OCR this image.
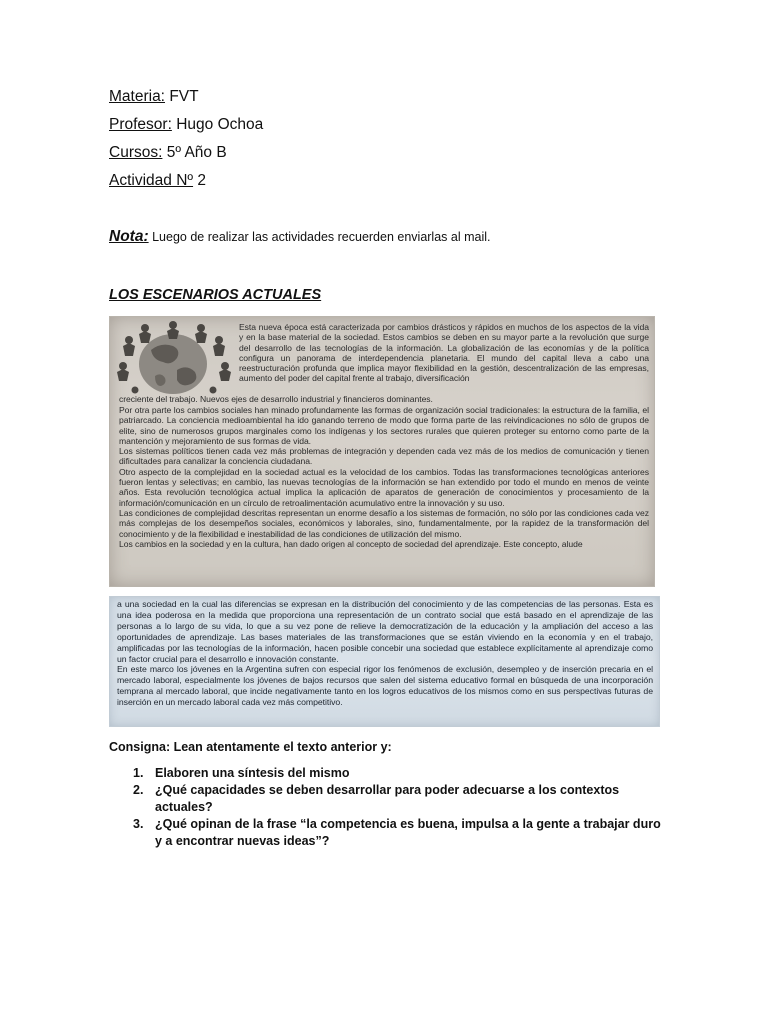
Materia: FVT
Profesor: Hugo Ochoa
Cursos: 5º Año B
Actividad Nº 2
Nota: Luego de realizar las actividades recuerden enviarlas al mail.
LOS ESCENARIOS ACTUALES

Esta nueva época está caracterizada por cambios drásticos y rápidos en muchos de los aspectos de la vida y en la base material de la sociedad. Estos cambios se deben en su mayor parte a la revolución que surge del desarrollo de las tecnologías de la información. La globalización de las economías y de la política configura un panorama de interdependencia planetaria. El mundo del capital lleva a cabo una reestructuración profunda que implica mayor flexibilidad en la gestión, descentralización de las empresas, aumento del poder del capital frente al trabajo, diversificación

creciente del trabajo. Nuevos ejes de desarrollo industrial y financieros dominantes.

Por otra parte los cambios sociales han minado profundamente las formas de organización social tradicionales: la estructura de la familia, el patriarcado. La conciencia medioambiental ha ido ganando terreno de modo que forma parte de las reivindicaciones no sólo de grupos de elite, sino de numerosos grupos marginales como los indígenas y los sectores rurales que quieren proteger su entorno como parte de la mantención y mejoramiento de sus formas de vida.

Los sistemas políticos tienen cada vez más problemas de integración y dependen cada vez más de los medios de comunicación y tienen dificultades para canalizar la conciencia ciudadana.

Otro aspecto de la complejidad en la sociedad actual es la velocidad de los cambios. Todas las transformaciones tecnológicas anteriores fueron lentas y selectivas; en cambio, las nuevas tecnologías de la información se han extendido por todo el mundo en menos de veinte años. Esta revolución tecnológica actual implica la aplicación de aparatos de generación de conocimientos y procesamiento de la información/comunicación en un círculo de retroalimentación acumulativo entre la innovación y su uso.

Las condiciones de complejidad descritas representan un enorme desafío a los sistemas de formación, no sólo por las condiciones cada vez más complejas de los desempeños sociales, económicos y laborales, sino, fundamentalmente, por la rapidez de la transformación del conocimiento y de la flexibilidad e inestabilidad de las condiciones de utilización del mismo.

Los cambios en la sociedad y en la cultura, han dado origen al concepto de sociedad del aprendizaje. Este concepto, alude

a una sociedad en la cual las diferencias se expresan en la distribución del conocimiento y de las competencias de las personas. Esta es una idea poderosa en la medida que proporciona una representación de un contrato social que está basado en el aprendizaje de las personas a lo largo de su vida, lo que a su vez pone de relieve la democratización de la educación y la ampliación del acceso a las oportunidades de aprendizaje. Las bases materiales de las transformaciones que se están viviendo en la economía y en el trabajo, amplificadas por las tecnologías de la información, hacen posible concebir una sociedad que establece explícitamente al aprendizaje como un factor crucial para el desarrollo e innovación constante.
En este marco los jóvenes en la Argentina sufren con especial rigor los fenómenos de exclusión, desempleo y de inserción precaria en el mercado laboral, especialmente los jóvenes de bajos recursos que salen del sistema educativo formal en búsqueda de una incorporación temprana al mercado laboral, que incide negativamente tanto en los logros educativos de los mismos como en sus perspectivas futuras de inserción en un mercado laboral cada vez más competitivo.

Consigna: Lean atentamente el texto anterior y:
1. Elaboren una síntesis del mismo
2. ¿Qué capacidades se deben desarrollar para poder adecuarse a los contextos actuales?
3. ¿Qué opinan de la frase “la competencia es buena, impulsa a la gente a trabajar duro y a encontrar nuevas ideas”?
